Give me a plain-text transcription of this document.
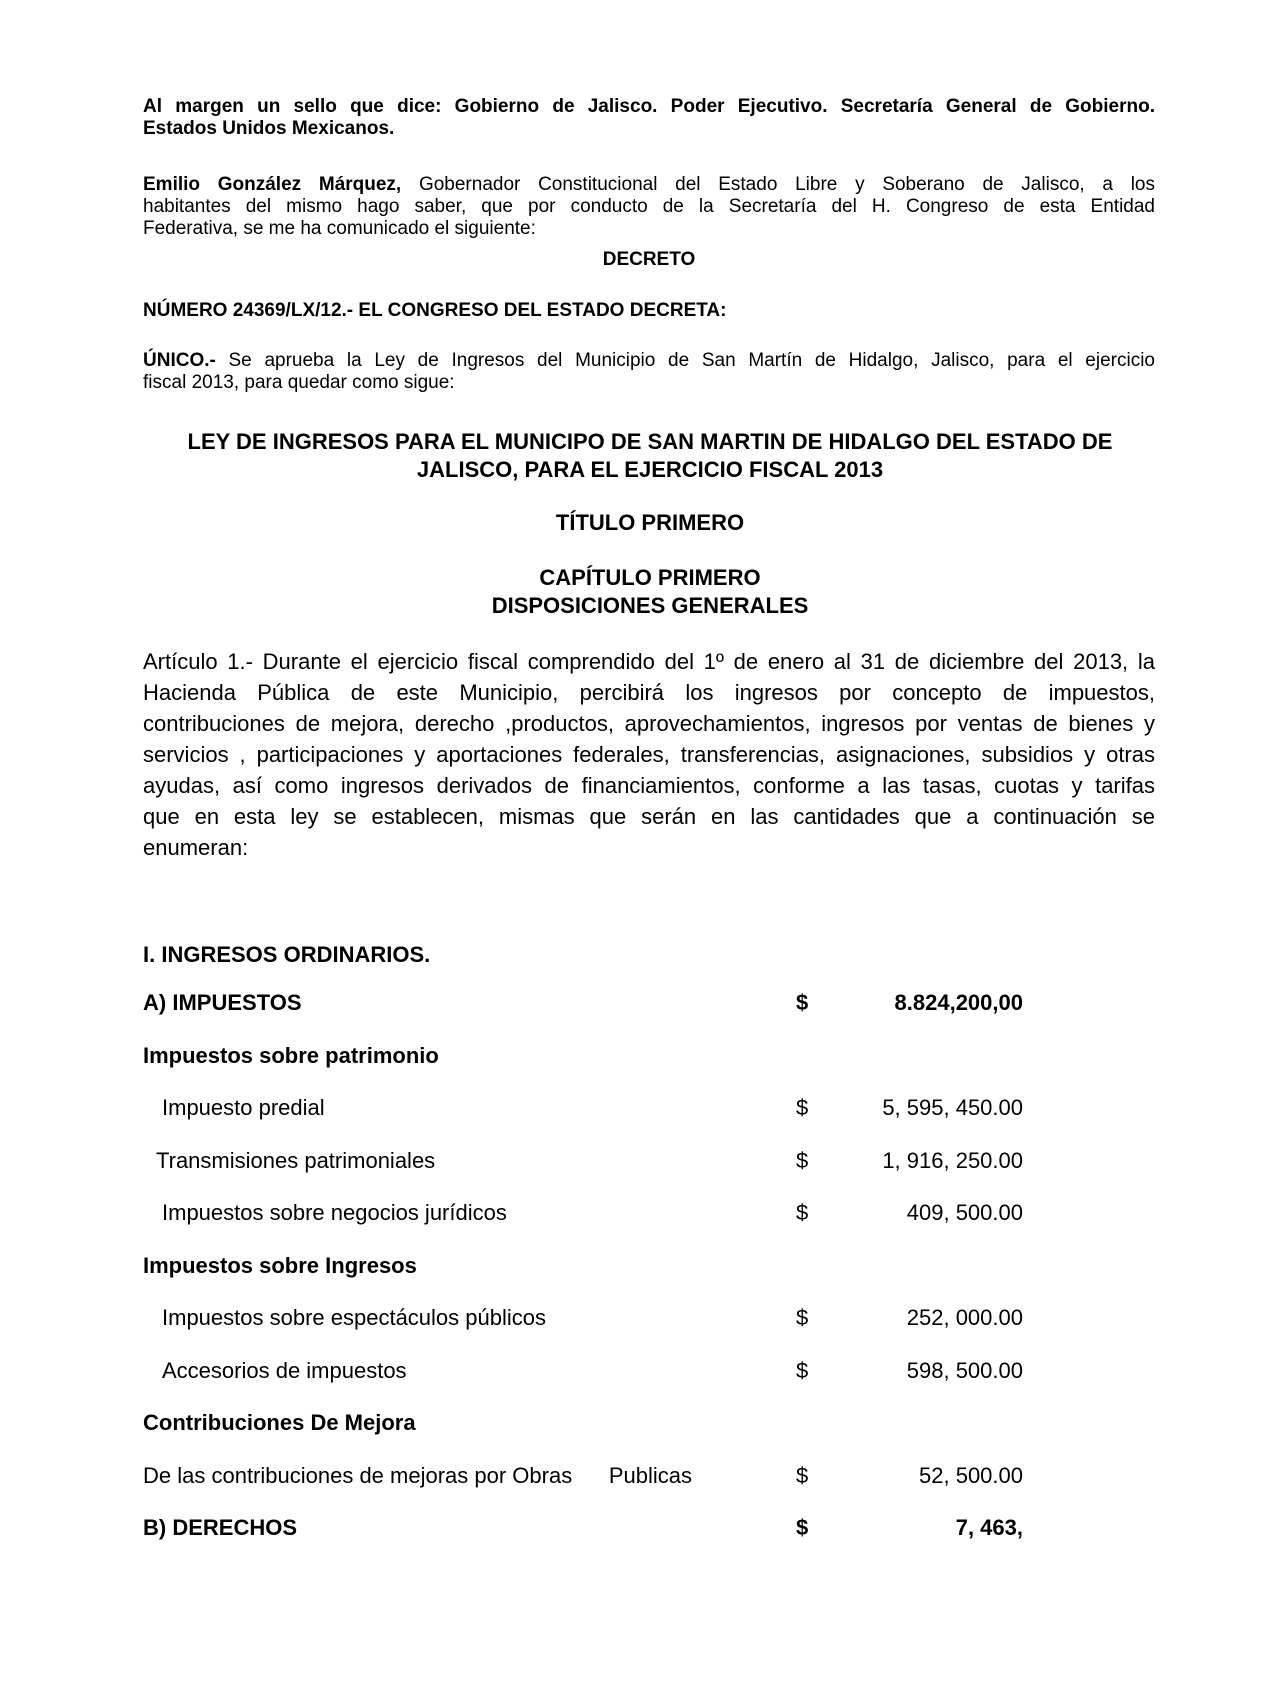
Al margen un sello que dice: Gobierno de Jalisco. Poder Ejecutivo. Secretaría General de Gobierno.
Estados Unidos Mexicanos.
Emilio González Márquez, Gobernador Constitucional del Estado Libre y Soberano de Jalisco, a los
habitantes del mismo hago saber, que por conducto de la Secretaría del H. Congreso de esta Entidad
Federativa, se me ha comunicado el siguiente:
DECRETO
NÚMERO 24369/LX/12.- EL CONGRESO DEL ESTADO DECRETA:
ÚNICO.- Se aprueba la Ley de Ingresos del Municipio de San Martín de Hidalgo, Jalisco, para el ejercicio
fiscal 2013, para quedar como sigue:
LEY DE INGRESOS PARA EL MUNICIPO DE SAN MARTIN DE HIDALGO DEL ESTADO DE
JALISCO, PARA EL EJERCICIO FISCAL 2013
TÍTULO PRIMERO
CAPÍTULO PRIMERO
DISPOSICIONES GENERALES
Artículo 1.- Durante el ejercicio fiscal comprendido del 1º de enero al 31 de diciembre del 2013, la
Hacienda Pública de este Municipio, percibirá los ingresos por concepto de impuestos,
contribuciones de mejora, derecho ,productos, aprovechamientos, ingresos por ventas de bienes y
servicios , participaciones y aportaciones federales, transferencias, asignaciones, subsidios y otras
ayudas, así como ingresos derivados de financiamientos, conforme a las tasas, cuotas y tarifas
que en esta ley se establecen, mismas que serán en las cantidades que a continuación se
enumeran:
I. INGRESOS ORDINARIOS.
A) IMPUESTOS	$	8.824,200,00
Impuestos sobre patrimonio
Impuesto predial	$	5, 595, 450.00
Transmisiones patrimoniales	$	1, 916, 250.00
Impuestos sobre negocios jurídicos	$	409, 500.00
Impuestos sobre Ingresos
Impuestos sobre espectáculos públicos	$	252, 000.00
Accesorios de impuestos	$	598, 500.00
Contribuciones De Mejora
De las contribuciones de mejoras por Obras      Publicas	$	52, 500.00
B) DERECHOS	$	7, 463,
